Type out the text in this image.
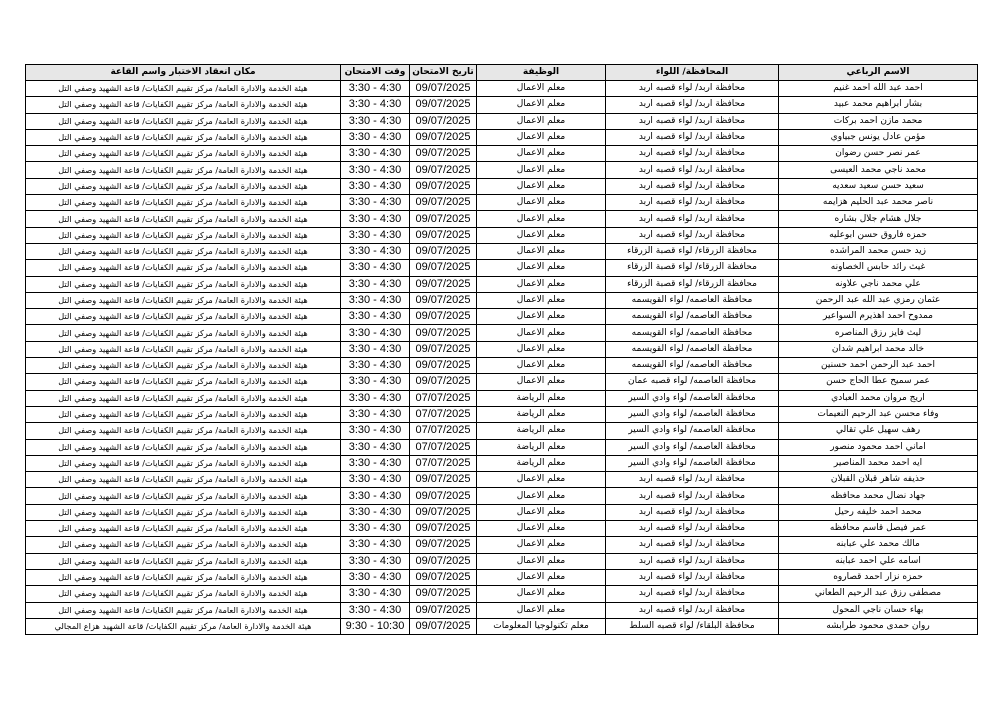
الاسم الرباعي	المحافظة/ اللواء	الوظيفة	تاريخ الامتحان	وقت الامتحان	مكان انعقاد الاختبار واسم القاعة
احمد عبد الله احمد غنيم	محافظة اربد/ لواء قصبه اربد	معلم الاعمال	09/07/2025	3:30 - 4:30	هيئة الخدمة والادارة العامة/ مركز تقييم الكفايات/ قاعة الشهيد وصفي التل
بشار ابراهيم محمد عبيد	محافظة اربد/ لواء قصبه اربد	معلم الاعمال	09/07/2025	3:30 - 4:30	هيئة الخدمة والادارة العامة/ مركز تقييم الكفايات/ قاعة الشهيد وصفي التل
محمد مازن احمد بركات	محافظة اربد/ لواء قصبه اربد	معلم الاعمال	09/07/2025	3:30 - 4:30	هيئة الخدمة والادارة العامة/ مركز تقييم الكفايات/ قاعة الشهيد وصفي التل
مؤمن عادل يونس جبياوي	محافظة اربد/ لواء قصبه اربد	معلم الاعمال	09/07/2025	3:30 - 4:30	هيئة الخدمة والادارة العامة/ مركز تقييم الكفايات/ قاعة الشهيد وصفي التل
عمر نصر حسن رضوان	محافظة اربد/ لواء قصبه اربد	معلم الاعمال	09/07/2025	3:30 - 4:30	هيئة الخدمة والادارة العامة/ مركز تقييم الكفايات/ قاعة الشهيد وصفي التل
محمد ناجي محمد العيسى	محافظة اربد/ لواء قصبه اربد	معلم الاعمال	09/07/2025	3:30 - 4:30	هيئة الخدمة والادارة العامة/ مركز تقييم الكفايات/ قاعة الشهيد وصفي التل
سعيد حسن سعيد سعديه	محافظة اربد/ لواء قصبه اربد	معلم الاعمال	09/07/2025	3:30 - 4:30	هيئة الخدمة والادارة العامة/ مركز تقييم الكفايات/ قاعة الشهيد وصفي التل
ناصر محمد عبد الحليم هزايمه	محافظة اربد/ لواء قصبه اربد	معلم الاعمال	09/07/2025	3:30 - 4:30	هيئة الخدمة والادارة العامة/ مركز تقييم الكفايات/ قاعة الشهيد وصفي التل
جلال هشام جلال بشاره	محافظة اربد/ لواء قصبه اربد	معلم الاعمال	09/07/2025	3:30 - 4:30	هيئة الخدمة والادارة العامة/ مركز تقييم الكفايات/ قاعة الشهيد وصفي التل
حمزه فاروق حسن ابوعليه	محافظة اربد/ لواء قصبه اربد	معلم الاعمال	09/07/2025	3:30 - 4:30	هيئة الخدمة والادارة العامة/ مركز تقييم الكفايات/ قاعة الشهيد وصفي التل
زيد حسن محمد المراشده	محافظة الزرقاء/ لواء قصبة الزرقاء	معلم الاعمال	09/07/2025	3:30 - 4:30	هيئة الخدمة والادارة العامة/ مركز تقييم الكفايات/ قاعة الشهيد وصفي التل
غيث رائد حابس الخصاونه	محافظة الزرقاء/ لواء قصبة الزرقاء	معلم الاعمال	09/07/2025	3:30 - 4:30	هيئة الخدمة والادارة العامة/ مركز تقييم الكفايات/ قاعة الشهيد وصفي التل
علي محمد ناجي علاونه	محافظة الزرقاء/ لواء قصبة الزرقاء	معلم الاعمال	09/07/2025	3:30 - 4:30	هيئة الخدمة والادارة العامة/ مركز تقييم الكفايات/ قاعة الشهيد وصفي التل
عثمان رمزي عبد الله عبد الرحمن	محافظة العاصمه/ لواء القويسمه	معلم الاعمال	09/07/2025	3:30 - 4:30	هيئة الخدمة والادارة العامة/ مركز تقييم الكفايات/ قاعة الشهيد وصفي التل
ممدوح احمد اهذيرم السواعير	محافظة العاصمه/ لواء القويسمه	معلم الاعمال	09/07/2025	3:30 - 4:30	هيئة الخدمة والادارة العامة/ مركز تقييم الكفايات/ قاعة الشهيد وصفي التل
ليث فايز رزق المناصره	محافظة العاصمه/ لواء القويسمه	معلم الاعمال	09/07/2025	3:30 - 4:30	هيئة الخدمة والادارة العامة/ مركز تقييم الكفايات/ قاعة الشهيد وصفي التل
خالد محمد ابراهيم شدان	محافظة العاصمه/ لواء القويسمه	معلم الاعمال	09/07/2025	3:30 - 4:30	هيئة الخدمة والادارة العامة/ مركز تقييم الكفايات/ قاعة الشهيد وصفي التل
احمد عبد الرحمن احمد حسنين	محافظة العاصمه/ لواء القويسمه	معلم الاعمال	09/07/2025	3:30 - 4:30	هيئة الخدمة والادارة العامة/ مركز تقييم الكفايات/ قاعة الشهيد وصفي التل
عمر سميح عطا الحاج حسن	محافظة العاصمه/ لواء قصبه عمان	معلم الاعمال	09/07/2025	3:30 - 4:30	هيئة الخدمة والادارة العامة/ مركز تقييم الكفايات/ قاعة الشهيد وصفي التل
اريج مروان محمد العبادي	محافظة العاصمه/ لواء وادي السير	معلم الرياضة	07/07/2025	3:30 - 4:30	هيئة الخدمة والادارة العامة/ مركز تقييم الكفايات/ قاعة الشهيد وصفي التل
وفاء محسن عبد الرحيم النعيمات	محافظة العاصمه/ لواء وادي السير	معلم الرياضة	07/07/2025	3:30 - 4:30	هيئة الخدمة والادارة العامة/ مركز تقييم الكفايات/ قاعة الشهيد وصفي التل
رهف سهيل علي تقالي	محافظة العاصمه/ لواء وادي السير	معلم الرياضة	07/07/2025	3:30 - 4:30	هيئة الخدمة والادارة العامة/ مركز تقييم الكفايات/ قاعة الشهيد وصفي التل
اماني احمد محمود منصور	محافظة العاصمه/ لواء وادي السير	معلم الرياضة	07/07/2025	3:30 - 4:30	هيئة الخدمة والادارة العامة/ مركز تقييم الكفايات/ قاعة الشهيد وصفي التل
ايه احمد محمد المناصير	محافظة العاصمه/ لواء وادي السير	معلم الرياضة	07/07/2025	3:30 - 4:30	هيئة الخدمة والادارة العامة/ مركز تقييم الكفايات/ قاعة الشهيد وصفي التل
حذيفه شاهر قبلان القبلان	محافظة اربد/ لواء قصبه اربد	معلم الاعمال	09/07/2025	3:30 - 4:30	هيئة الخدمة والادارة العامة/ مركز تقييم الكفايات/ قاعة الشهيد وصفي التل
جهاد نضال محمد محافظه	محافظة اربد/ لواء قصبه اربد	معلم الاعمال	09/07/2025	3:30 - 4:30	هيئة الخدمة والادارة العامة/ مركز تقييم الكفايات/ قاعة الشهيد وصفي التل
محمد احمد خليفه رحيل	محافظة اربد/ لواء قصبه اربد	معلم الاعمال	09/07/2025	3:30 - 4:30	هيئة الخدمة والادارة العامة/ مركز تقييم الكفايات/ قاعة الشهيد وصفي التل
عمر فيصل قاسم محافظه	محافظة اربد/ لواء قصبه اربد	معلم الاعمال	09/07/2025	3:30 - 4:30	هيئة الخدمة والادارة العامة/ مركز تقييم الكفايات/ قاعة الشهيد وصفي التل
مالك محمد علي عبابنه	محافظة اربد/ لواء قصبه اربد	معلم الاعمال	09/07/2025	3:30 - 4:30	هيئة الخدمة والادارة العامة/ مركز تقييم الكفايات/ قاعة الشهيد وصفي التل
اسامه علي احمد عبابنه	محافظة اربد/ لواء قصبه اربد	معلم الاعمال	09/07/2025	3:30 - 4:30	هيئة الخدمة والادارة العامة/ مركز تقييم الكفايات/ قاعة الشهيد وصفي التل
حمزه نزار احمد قصاروه	محافظة اربد/ لواء قصبه اربد	معلم الاعمال	09/07/2025	3:30 - 4:30	هيئة الخدمة والادارة العامة/ مركز تقييم الكفايات/ قاعة الشهيد وصفي التل
مصطفى رزق عبد الرحيم الطعاني	محافظة اربد/ لواء قصبه اربد	معلم الاعمال	09/07/2025	3:30 - 4:30	هيئة الخدمة والادارة العامة/ مركز تقييم الكفايات/ قاعة الشهيد وصفي التل
بهاء حسان ناجي المحول	محافظة اربد/ لواء قصبه اربد	معلم الاعمال	09/07/2025	3:30 - 4:30	هيئة الخدمة والادارة العامة/ مركز تقييم الكفايات/ قاعة الشهيد وصفي التل
روان حمدى محمود طرابشه	محافظة البلقاء/ لواء قصبه السلط	معلم تكنولوجيا المعلومات	09/07/2025	9:30 - 10:30	هيئة الخدمة والادارة العامة/ مركز تقييم الكفايات/ قاعة الشهيد هزاع المجالي
